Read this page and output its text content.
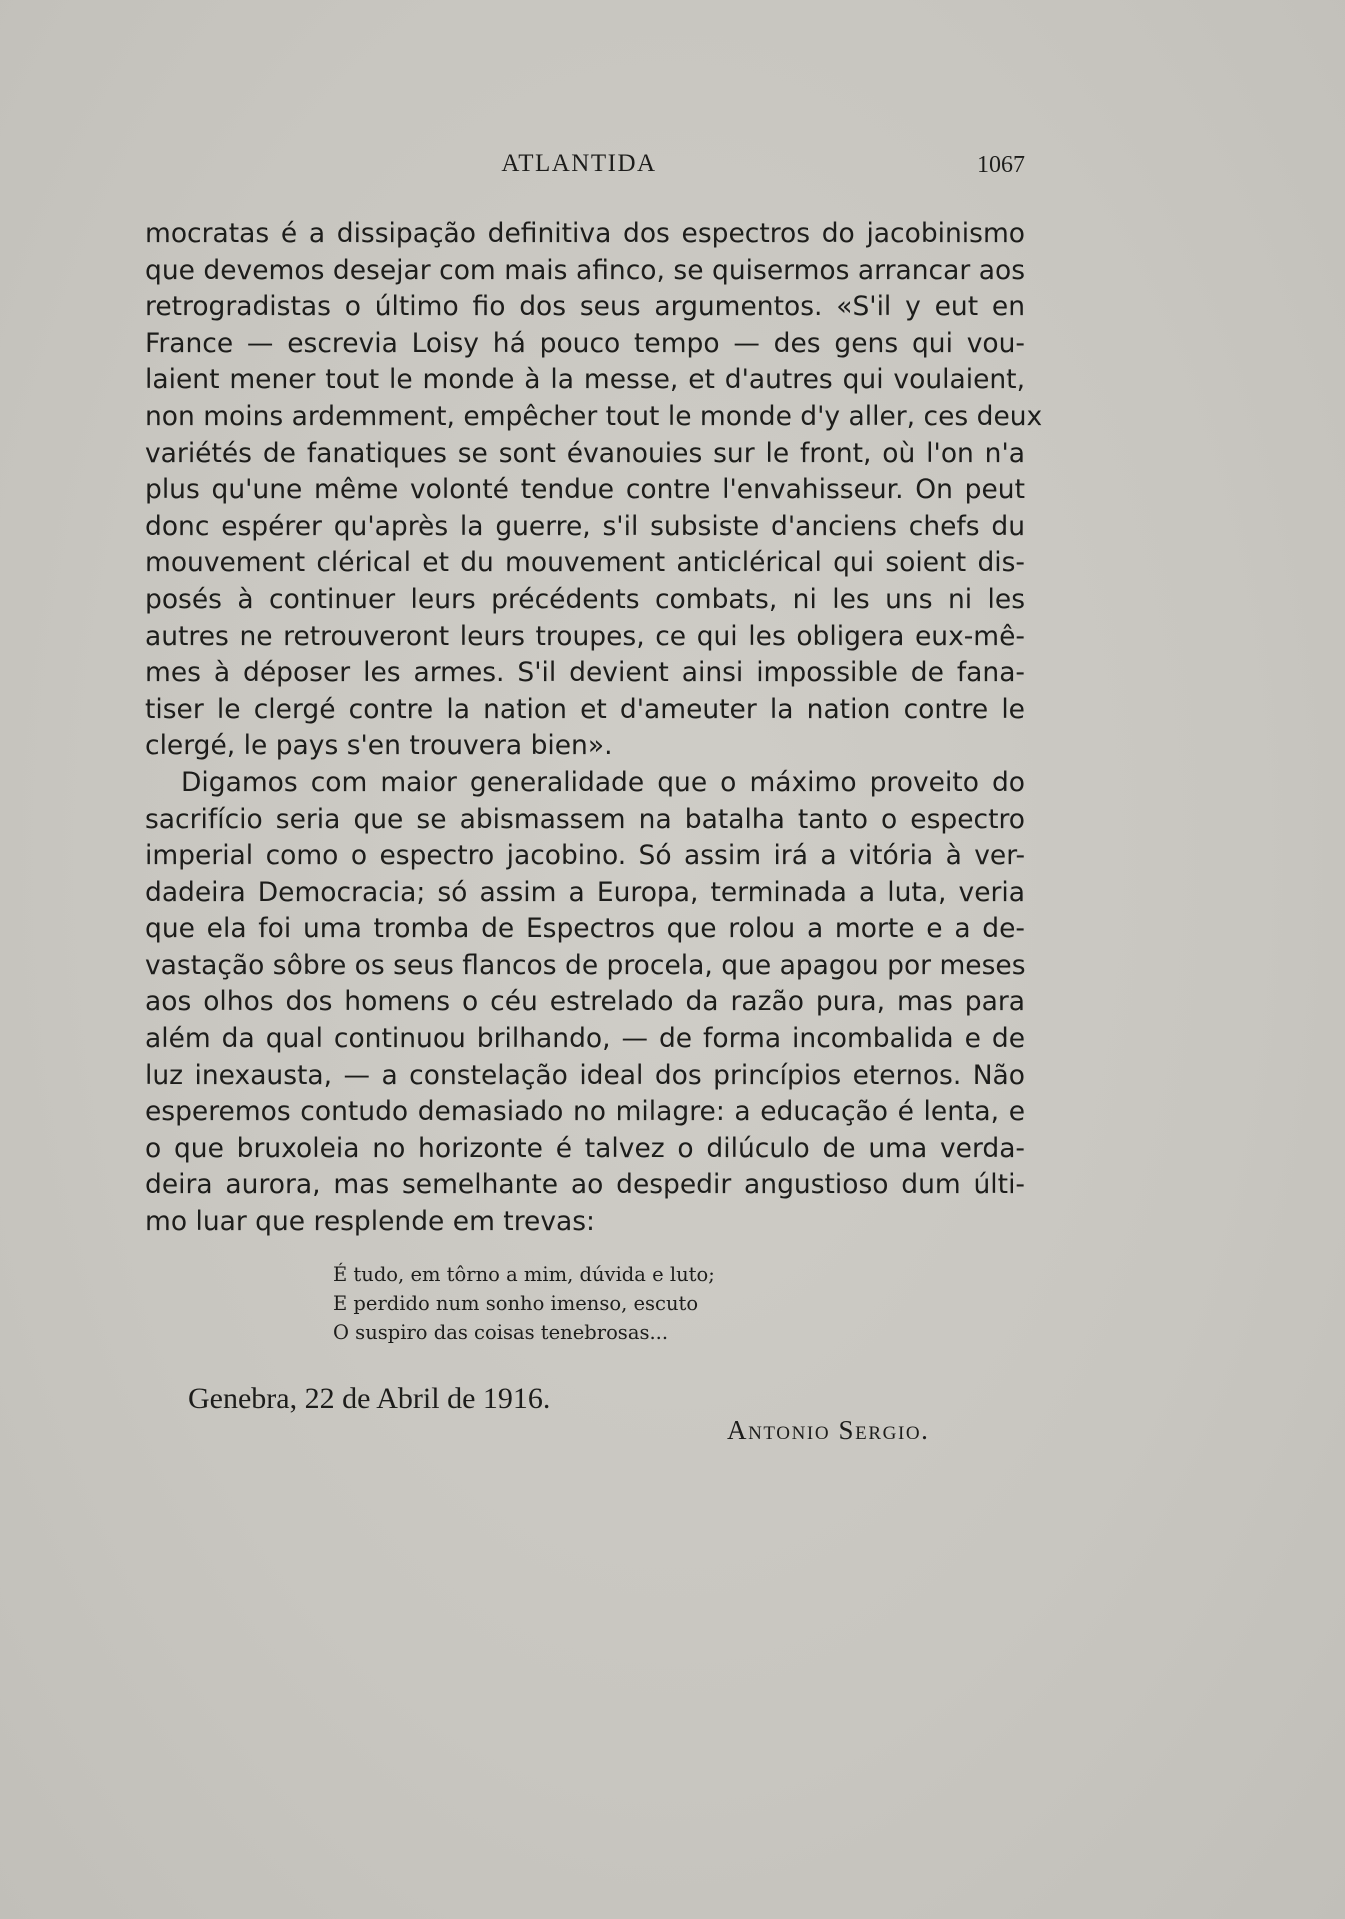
ATLANTIDA	1067
mocratas é a dissipação definitiva dos espectros do jacobinismo
que devemos desejar com mais afinco, se quisermos arrancar aos
retrogradistas o último fio dos seus argumentos. «S'il y eut en
France — escrevia Loisy há pouco tempo — des gens qui vou-
laient mener tout le monde à la messe, et d'autres qui voulaient,
non moins ardemment, empêcher tout le monde d'y aller, ces deux
variétés de fanatiques se sont évanouies sur le front, où l'on n'a
plus qu'une même volonté tendue contre l'envahisseur. On peut
donc espérer qu'après la guerre, s'il subsiste d'anciens chefs du
mouvement clérical et du mouvement anticlérical qui soient dis-
posés à continuer leurs précédents combats, ni les uns ni les
autres ne retrouveront leurs troupes, ce qui les obligera eux-mê-
mes à déposer les armes. S'il devient ainsi impossible de fana-
tiser le clergé contre la nation et d'ameuter la nation contre le
clergé, le pays s'en trouvera bien».
Digamos com maior generalidade que o máximo proveito do
sacrifício seria que se abismassem na batalha tanto o espectro
imperial como o espectro jacobino. Só assim irá a vitória à ver-
dadeira Democracia; só assim a Europa, terminada a luta, veria
que ela foi uma tromba de Espectros que rolou a morte e a de-
vastação sôbre os seus flancos de procela, que apagou por meses
aos olhos dos homens o céu estrelado da razão pura, mas para
além da qual continuou brilhando, — de forma incombalida e de
luz inexausta, — a constelação ideal dos princípios eternos. Não
esperemos contudo demasiado no milagre: a educação é lenta, e
o que bruxoleia no horizonte é talvez o dilúculo de uma verda-
deira aurora, mas semelhante ao despedir angustioso dum últi-
mo luar que resplende em trevas:
É tudo, em tôrno a mim, dúvida e luto;
E perdido num sonho imenso, escuto
O suspiro das coisas tenebrosas...
Genebra, 22 de Abril de 1916.
Antonio Sergio.
